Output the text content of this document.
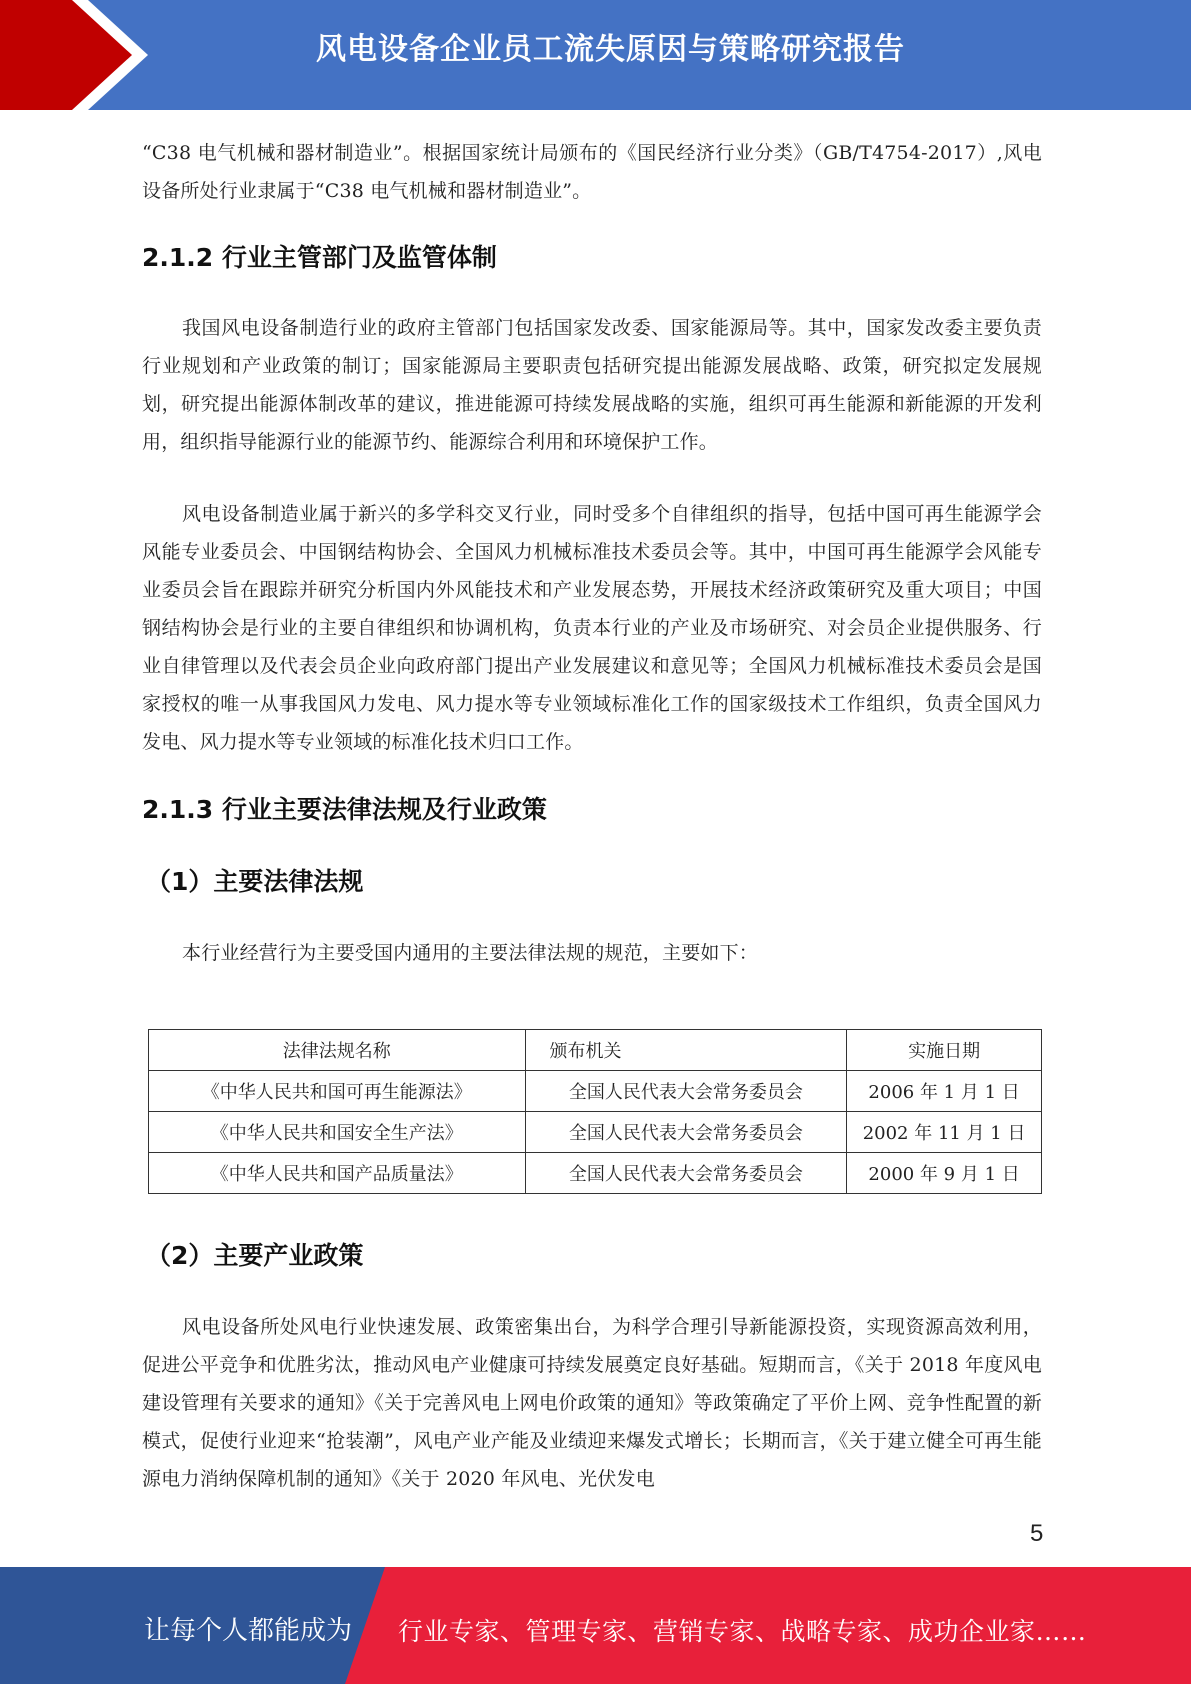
风电设备企业员工流失原因与策略研究报告

“C38 电气机械和器材制造业”。根据国家统计局颁布的《国民经济行业分类》（GB/T4754-2017）,风电设备所处行业隶属于“C38 电气机械和器材制造业”。

2.1.2 行业主管部门及监管体制

我国风电设备制造行业的政府主管部门包括国家发改委、国家能源局等。其中，国家发改委主要负责行业规划和产业政策的制订；国家能源局主要职责包括研究提出能源发展战略、政策，研究拟定发展规划，研究提出能源体制改革的建议，推进能源可持续发展战略的实施，组织可再生能源和新能源的开发利用，组织指导能源行业的能源节约、能源综合利用和环境保护工作。

风电设备制造业属于新兴的多学科交叉行业，同时受多个自律组织的指导，包括中国可再生能源学会风能专业委员会、中国钢结构协会、全国风力机械标准技术委员会等。其中，中国可再生能源学会风能专业委员会旨在跟踪并研究分析国内外风能技术和产业发展态势，开展技术经济政策研究及重大项目；中国钢结构协会是行业的主要自律组织和协调机构，负责本行业的产业及市场研究、对会员企业提供服务、行业自律管理以及代表会员企业向政府部门提出产业发展建议和意见等；全国风力机械标准技术委员会是国家授权的唯一从事我国风力发电、风力提水等专业领域标准化工作的国家级技术工作组织，负责全国风力发电、风力提水等专业领域的标准化技术归口工作。

2.1.3 行业主要法律法规及行业政策
（1）主要法律法规

本行业经营行为主要受国内通用的主要法律法规的规范，主要如下：

法律法规名称	颁布机关	实施日期
《中华人民共和国可再生能源法》	全国人民代表大会常务委员会	2006 年 1 月 1 日
《中华人民共和国安全生产法》	全国人民代表大会常务委员会	2002 年 11 月 1 日
《中华人民共和国产品质量法》	全国人民代表大会常务委员会	2000 年 9 月 1 日
（2）主要产业政策

风电设备所处风电行业快速发展、政策密集出台，为科学合理引导新能源投资，实现资源高效利用，促进公平竞争和优胜劣汰，推动风电产业健康可持续发展奠定良好基础。短期而言，《关于 2018 年度风电建设管理有关要求的通知》《关于完善风电上网电价政策的通知》等政策确定了平价上网、竞争性配置的新模式，促使行业迎来“抢装潮”，风电产业产能及业绩迎来爆发式增长；长期而言，《关于建立健全可再生能源电力消纳保障机制的通知》《关于 2020 年风电、光伏发电

5
让每个人都能成为 行业专家、管理专家、营销专家、战略专家、成功企业家……
